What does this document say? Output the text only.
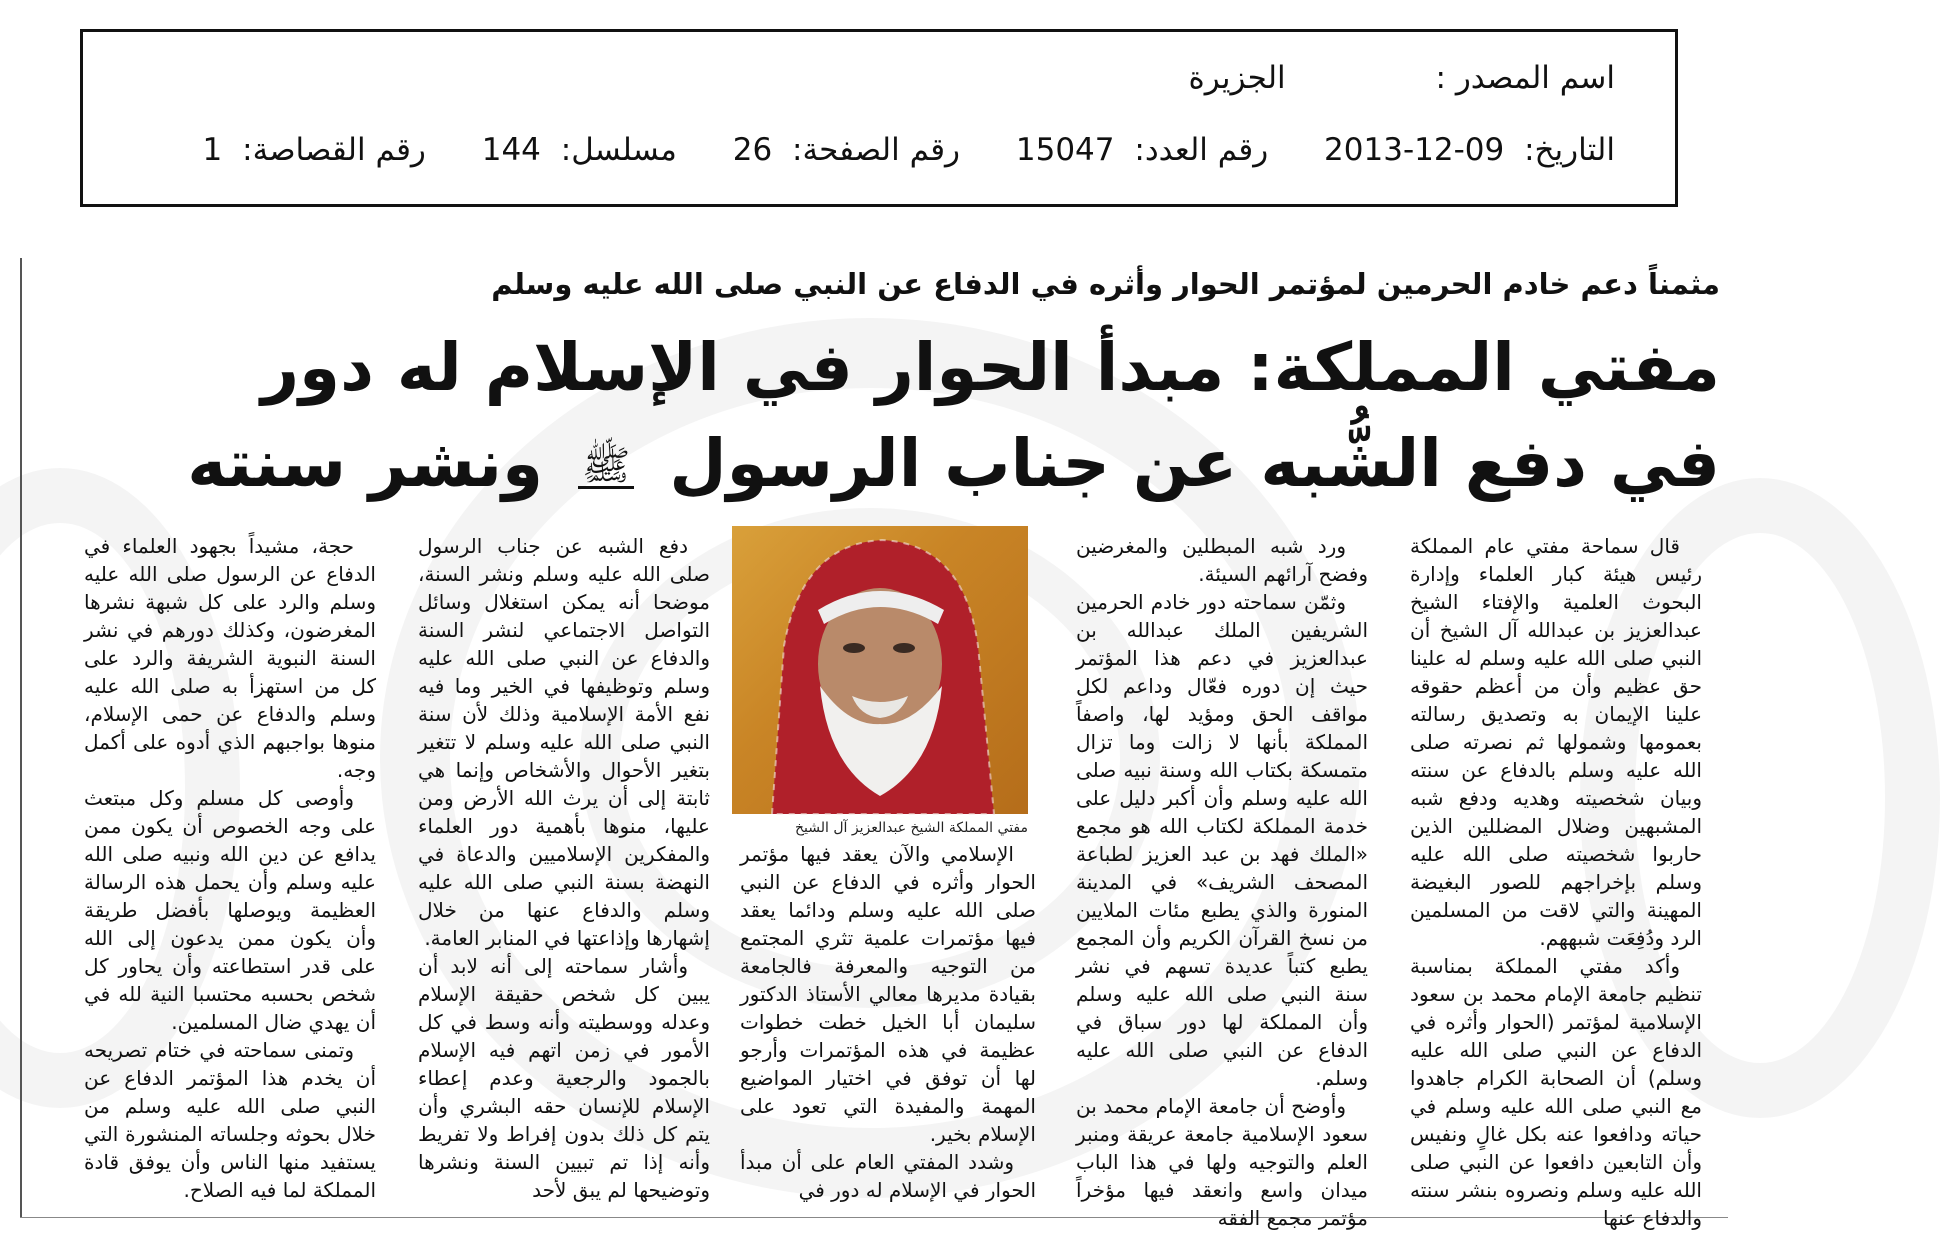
اسم المصدر : الجزيرة
التاريخ: 2013-12-09 رقم العدد: 15047 رقم الصفحة: 26 مسلسل: 144 رقم القصاصة: 1
مثمناً دعم خادم الحرمين لمؤتمر الحوار وأثره في الدفاع عن النبي صلى الله عليه وسلم
مفتي المملكة: مبدأ الحوار في الإسلام له دور
في دفع الشُّبه عن جناب الرسول ﷺ ونشر سنته

قال سماحة مفتي عام المملكة رئيس هيئة كبار العلماء وإدارة البحوث العلمية والإفتاء الشيخ عبدالعزيز بن عبدالله آل الشيخ أن النبي صلى الله عليه وسلم له علينا حق عظيم وأن من أعظم حقوقه علينا الإيمان به وتصديق رسالته بعمومها وشمولها ثم نصرته صلى الله عليه وسلم بالدفاع عن سنته وبيان شخصيته وهديه ودفع شبه المشبهين وضلال المضللين الذين حاربوا شخصيته صلى الله عليه وسلم بإخراجهم للصور البغيضة المهينة والتي لاقت من المسلمين الرد ودُفِعَت شبههم.

وأكد مفتي المملكة بمناسبة تنظيم جامعة الإمام محمد بن سعود الإسلامية لمؤتمر (الحوار وأثره في الدفاع عن النبي صلى الله عليه وسلم) أن الصحابة الكرام جاهدوا مع النبي صلى الله عليه وسلم في حياته ودافعوا عنه بكل غالٍ ونفيس وأن التابعين دافعوا عن النبي صلى الله عليه وسلم ونصروه بنشر سنته والدفاع عنها

ورد شبه المبطلين والمغرضين وفضح آرائهم السيئة.

وثمّن سماحته دور خادم الحرمين الشريفين الملك عبدالله بن عبدالعزيز في دعم هذا المؤتمر حيث إن دوره فعّال وداعم لكل مواقف الحق ومؤيد لها، واصفاً المملكة بأنها لا زالت وما تزال متمسكة بكتاب الله وسنة نبيه صلى الله عليه وسلم وأن أكبر دليل على خدمة المملكة لكتاب الله هو مجمع «الملك فهد بن عبد العزيز لطباعة المصحف الشريف» في المدينة المنورة والذي يطبع مئات الملايين من نسخ القرآن الكريم وأن المجمع يطبع كتباً عديدة تسهم في نشر سنة النبي صلى الله عليه وسلم وأن المملكة لها دور سباق في الدفاع عن النبي صلى الله عليه وسلم.

وأوضح أن جامعة الإمام محمد بن سعود الإسلامية جامعة عريقة ومنبر العلم والتوجيه ولها في هذا الباب ميدان واسع وانعقد فيها مؤخراً مؤتمر مجمع الفقه

مفتي المملكة الشيخ عبدالعزيز آل الشيخ

الإسلامي والآن يعقد فيها مؤتمر الحوار وأثره في الدفاع عن النبي صلى الله عليه وسلم ودائما يعقد فيها مؤتمرات علمية تثري المجتمع من التوجيه والمعرفة فالجامعة بقيادة مديرها معالي الأستاذ الدكتور سليمان أبا الخيل خطت خطوات عظيمة في هذه المؤتمرات وأرجو لها أن توفق في اختيار المواضيع المهمة والمفيدة التي تعود على الإسلام بخير.

وشدد المفتي العام على أن مبدأ الحوار في الإسلام له دور في

دفع الشبه عن جناب الرسول صلى الله عليه وسلم ونشر السنة، موضحا أنه يمكن استغلال وسائل التواصل الاجتماعي لنشر السنة والدفاع عن النبي صلى الله عليه وسلم وتوظيفها في الخير وما فيه نفع الأمة الإسلامية وذلك لأن سنة النبي صلى الله عليه وسلم لا تتغير بتغير الأحوال والأشخاص وإنما هي ثابتة إلى أن يرث الله الأرض ومن عليها، منوها بأهمية دور العلماء والمفكرين الإسلاميين والدعاة في النهضة بسنة النبي صلى الله عليه وسلم والدفاع عنها من خلال إشهارها وإذاعتها في المنابر العامة.

وأشار سماحته إلى أنه لابد أن يبين كل شخص حقيقة الإسلام وعدله ووسطيته وأنه وسط في كل الأمور في زمن اتهم فيه الإسلام بالجمود والرجعية وعدم إعطاء الإسلام للإنسان حقه البشري وأن يتم كل ذلك بدون إفراط ولا تفريط وأنه إذا تم تبيين السنة ونشرها وتوضيحها لم يبق لأحد

حجة، مشيداً بجهود العلماء في الدفاع عن الرسول صلى الله عليه وسلم والرد على كل شبهة نشرها المغرضون، وكذلك دورهم في نشر السنة النبوية الشريفة والرد على كل من استهزأ به صلى الله عليه وسلم والدفاع عن حمى الإسلام، منوها بواجبهم الذي أدوه على أكمل وجه.

وأوصى كل مسلم وكل مبتعث على وجه الخصوص أن يكون ممن يدافع عن دين الله ونبيه صلى الله عليه وسلم وأن يحمل هذه الرسالة العظيمة ويوصلها بأفضل طريقة وأن يكون ممن يدعون إلى الله على قدر استطاعته وأن يحاور كل شخص بحسبه محتسبا النية لله في أن يهدي ضال المسلمين.

وتمنى سماحته في ختام تصريحه أن يخدم هذا المؤتمر الدفاع عن النبي صلى الله عليه وسلم من خلال بحوثه وجلساته المنشورة التي يستفيد منها الناس وأن يوفق قادة المملكة لما فيه الصلاح.
